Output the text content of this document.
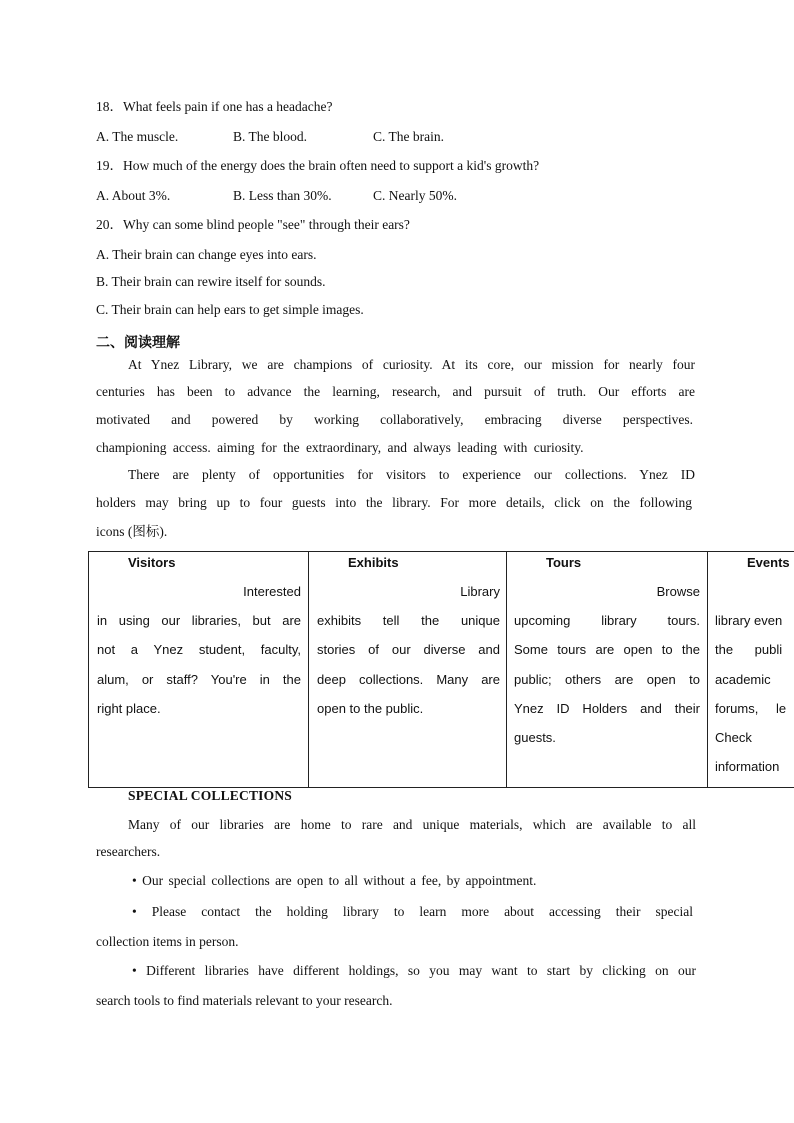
18．What feels pain if one has a headache?
A. The muscle.	B. The blood.	C. The brain.
19．How much of the energy does the brain often need to support a kid's growth?
A. About 3%.	B. Less than 30%.	C. Nearly 50%.
20．Why can some blind people "see" through their ears?
A. Their brain can change eyes into ears.
B. Their brain can rewire itself for sounds.
C. Their brain can help ears to get simple images.
二、阅读理解
At Ynez Library, we are champions of curiosity. At its core, our mission for nearly four
centuries has been to advance the learning, research, and pursuit of truth. Our efforts are
motivated and powered by working collaboratively, embracing diverse perspectives.
championing access. aiming for the extraordinary, and always leading with curiosity.
There are plenty of opportunities for visitors to experience our collections. Ynez ID
holders may bring up to four guests into the library. For more details, click on the following
icons (图标).
Visitors
Interested
in using our libraries, but are
not a Ynez student, faculty,
alum, or staff? You're in the
right place.
Exhibits
Library
exhibits tell the unique
stories of our diverse and
deep collections. Many are
open to the public.
Tours
Browse
upcoming library tours.
Some tours are open to the
public; others are open to
Ynez ID Holders and their
guests.
Events
library even
the publi
academic
forums, le
Check
information
SPECIAL COLLECTIONS
Many of our libraries are home to rare and unique materials, which are available to all
researchers.
• Our special collections are open to all without a fee, by appointment.
• Please contact the holding library to learn more about accessing their special
collection items in person.
• Different libraries have different holdings, so you may want to start by clicking on our
search tools to find materials relevant to your research.
